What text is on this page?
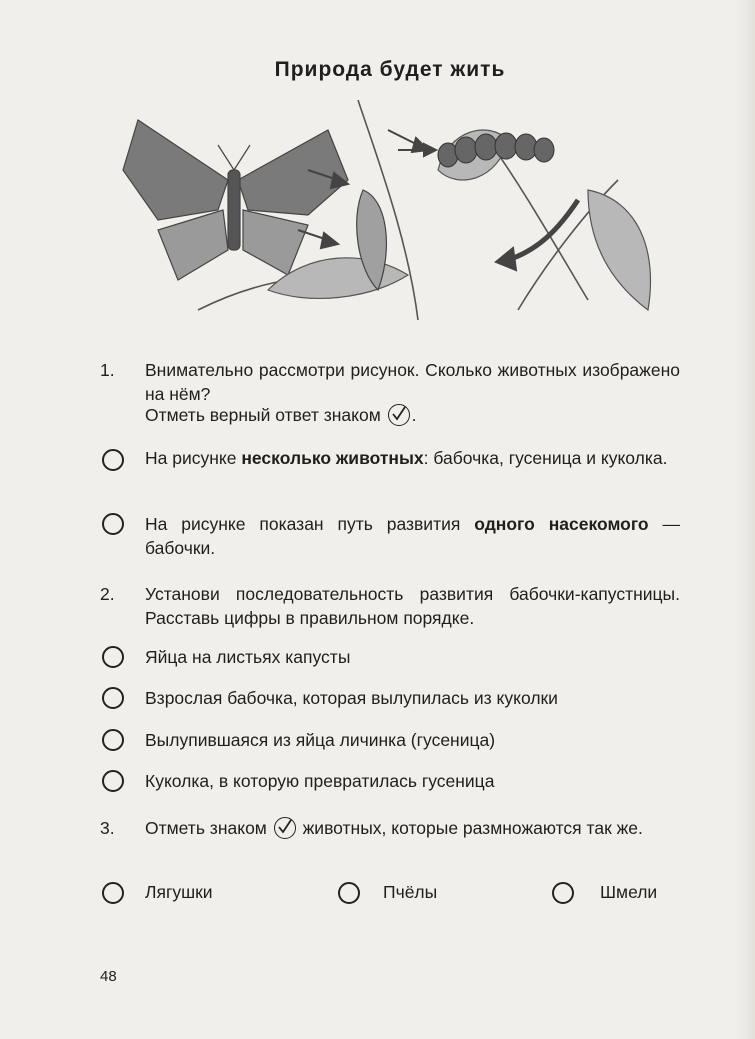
Природа будет жить
1. Внимательно рассмотри рисунок. Сколько животных изображено на нём?
Отметь верный ответ знаком .
На рисунке несколько животных: бабочка, гусеница и куколка.
На рисунке показан путь развития одного насекомого — бабочки.
2. Установи последовательность развития бабочки-капустницы. Расставь цифры в правильном порядке.
Яйца на листьях капусты
Взрослая бабочка, которая вылупилась из куколки
Вылупившаяся из яйца личинка (гусеница)
Куколка, в которую превратилась гусеница
3. Отметь знаком животных, которые размножаются так же.
Лягушки	Пчёлы	Шмели
48
